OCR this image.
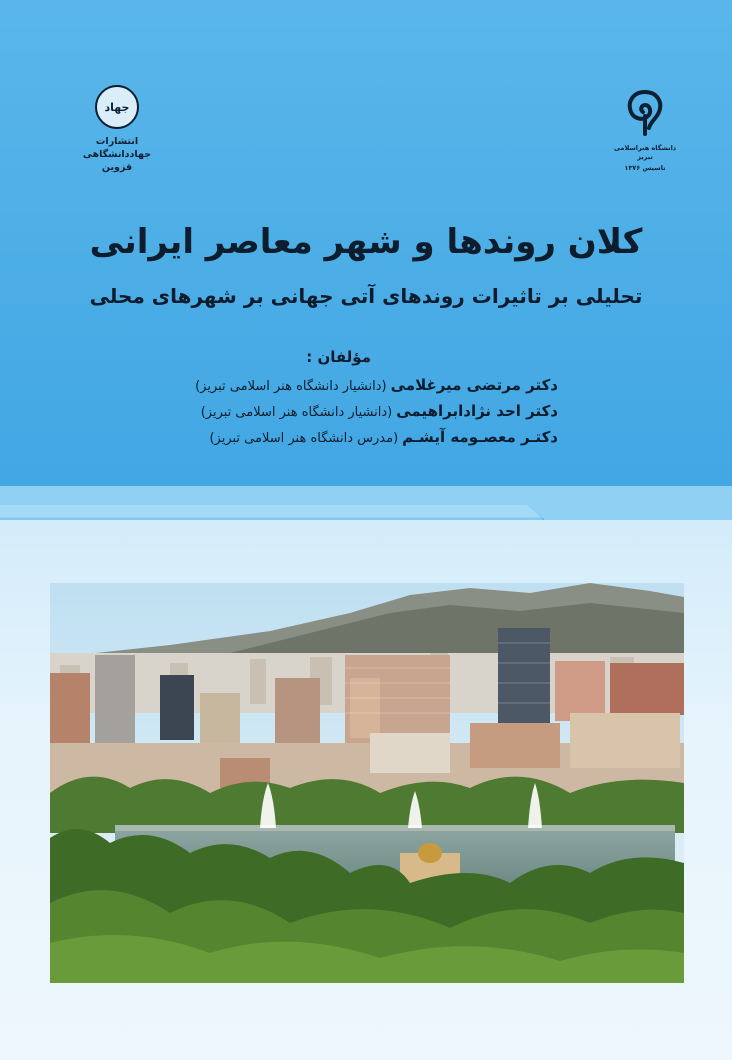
جهاد
انتشارات جهاددانشگاهی
قزوین
دانشگاه هنراسلامی تبریز
تاسیس ۱۳۷۶
کلان روندها و شهر معاصر ایرانی
تحلیلی بر تاثیرات روندهای آتی جهانی بر شهرهای محلی
مؤلفان :
دکتر مرتضی میرغلامی
(دانشیار دانشگاه هنر اسلامی تبریز)
دکتر احد نژادابراهیمی
(دانشیار دانشگاه هنر اسلامی تبریز)
دکتـر معصـومه آیشـم
(مدرس دانشگاه هنر اسلامی تبریز)
